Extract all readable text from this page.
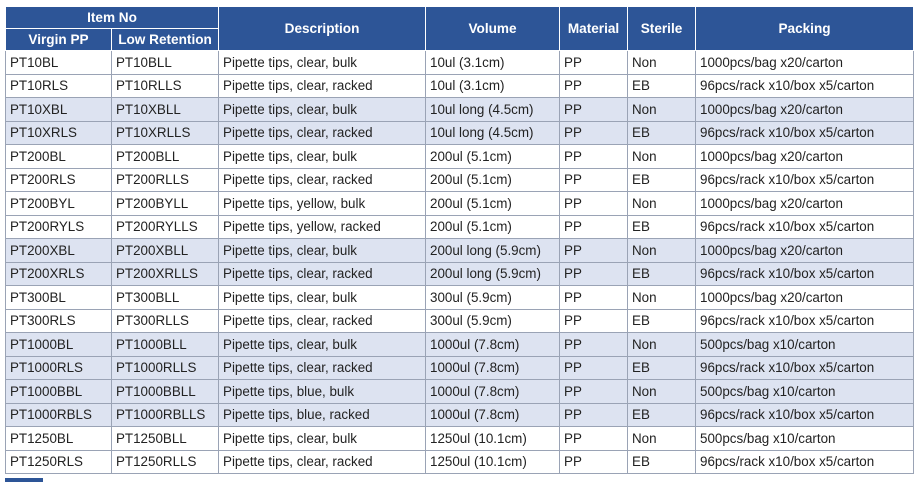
Item No		Description	Volume	Material	Sterile	Packing
Virgin PP	Low Retention					
PT10BL	PT10BLL	Pipette tips, clear, bulk	10ul (3.1cm)	PP	Non	1000pcs/bag x20/carton
PT10RLS	PT10RLLS	Pipette tips, clear, racked	10ul (3.1cm)	PP	EB	96pcs/rack x10/box x5/carton
PT10XBL	PT10XBLL	Pipette tips, clear, bulk	10ul long (4.5cm)	PP	Non	1000pcs/bag x20/carton
PT10XRLS	PT10XRLLS	Pipette tips, clear, racked	10ul long (4.5cm)	PP	EB	96pcs/rack x10/box x5/carton
PT200BL	PT200BLL	Pipette tips, clear, bulk	200ul (5.1cm)	PP	Non	1000pcs/bag x20/carton
PT200RLS	PT200RLLS	Pipette tips, clear, racked	200ul (5.1cm)	PP	EB	96pcs/rack x10/box x5/carton
PT200BYL	PT200BYLL	Pipette tips, yellow, bulk	200ul (5.1cm)	PP	Non	1000pcs/bag x20/carton
PT200RYLS	PT200RYLLS	Pipette tips, yellow, racked	200ul (5.1cm)	PP	EB	96pcs/rack x10/box x5/carton
PT200XBL	PT200XBLL	Pipette tips, clear, bulk	200ul long (5.9cm)	PP	Non	1000pcs/bag x20/carton
PT200XRLS	PT200XRLLS	Pipette tips, clear, racked	200ul long (5.9cm)	PP	EB	96pcs/rack x10/box x5/carton
PT300BL	PT300BLL	Pipette tips, clear, bulk	300ul (5.9cm)	PP	Non	1000pcs/bag x20/carton
PT300RLS	PT300RLLS	Pipette tips, clear, racked	300ul (5.9cm)	PP	EB	96pcs/rack x10/box x5/carton
PT1000BL	PT1000BLL	Pipette tips, clear, bulk	1000ul (7.8cm)	PP	Non	500pcs/bag x10/carton
PT1000RLS	PT1000RLLS	Pipette tips, clear, racked	1000ul (7.8cm)	PP	EB	96pcs/rack x10/box x5/carton
PT1000BBL	PT1000BBLL	Pipette tips, blue, bulk	1000ul (7.8cm)	PP	Non	500pcs/bag x10/carton
PT1000RBLS	PT1000RBLLS	Pipette tips, blue, racked	1000ul (7.8cm)	PP	EB	96pcs/rack x10/box x5/carton
PT1250BL	PT1250BLL	Pipette tips, clear, bulk	1250ul (10.1cm)	PP	Non	500pcs/bag x10/carton
PT1250RLS	PT1250RLLS	Pipette tips, clear, racked	1250ul (10.1cm)	PP	EB	96pcs/rack x10/box x5/carton
